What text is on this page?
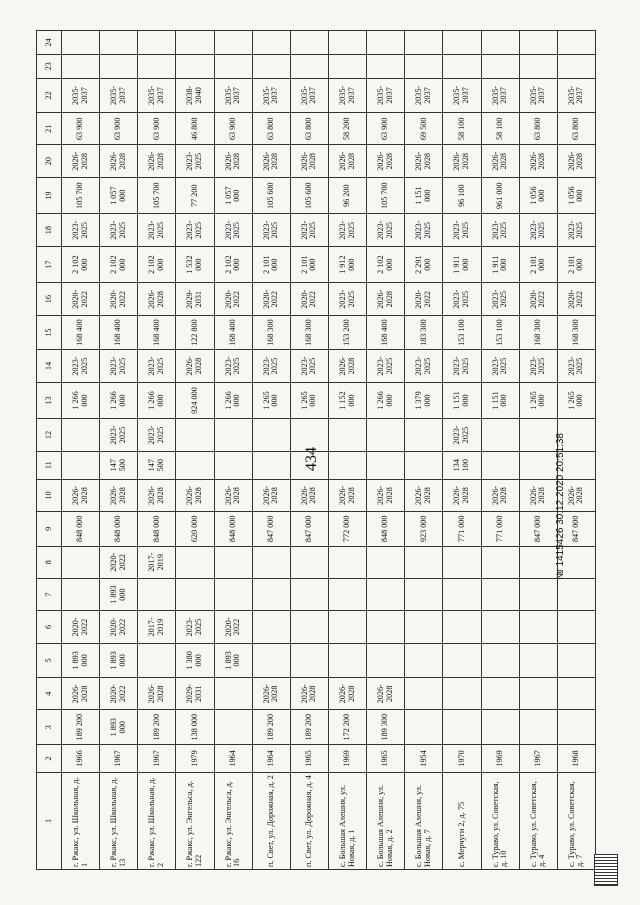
434
1	2	3	4	5	6	7	8	9	10	11	12	13	14	15	16	17	18	19	20	21	22	23	24
г. Ржакс, ул. Школьная, д. 1	1966	189 200	2026-2028	1 893 000	2020-2022			848 000	2026-2028			1 266 000	2023-2025	168 400	2020-2022	2 102 000	2023-2025	105 700	2026-2028	63 900	2035-2037		
г. Ржакс, ул. Школьная, д. 13	1967	1 893 000	2020-2022	1 893 000	2020-2022	1 893 000	2020-2022	848 000	2026-2028	147 500	2023-2025	1 266 000	2023-2025	168 400	2020-2022	2 102 000	2023-2025	1 057 000	2026-2028	63 900	2035-2037		
г. Ржакс, ул. Школьная, д. 2	1967	189 200	2026-2028		2017-2019		2017-2019	848 000	2026-2028	147 500	2023-2025	1 266 000	2023-2025	168 400	2026-2028	2 102 000	2023-2025	105 700	2026-2028	63 900	2035-2037		
г. Ржакс, ул. Энгельса, д. 122	1979	138 000	2029-2031	1 380 000	2023-2025			620 000	2026-2028			924 000	2026-2028	122 800	2029-2031	1 532 000	2023-2025	77 200	2023-2025	46 800	2038-2040		
г. Ржакс, ул. Энгельса, д. 16	1964			1 893 000	2020-2022			848 000	2026-2028			1 266 000	2023-2025	168 400	2020-2022	2 102 000	2023-2025	1 057 000	2026-2028	63 900	2035-2037		
п. Свет, ул. Дорожная, д. 2	1964	189 200	2026-2028					847 000	2026-2028			1 265 000	2023-2025	168 300	2020-2022	2 101 000	2023-2025	105 600	2026-2028	63 800	2035-2037		
п. Свет, ул. Дорожная, д. 4	1965	189 200	2026-2028					847 000	2026-2028			1 265 000	2023-2025	168 300	2020-2022	2 101 000	2023-2025	105 600	2026-2028	63 800	2035-2037		
с. Большая Алешня, ул. Новая, д. 1	1969	172 200	2026-2028					772 000	2026-2028			1 152 000	2026-2028	153 200	2023-2025	1 912 000	2023-2025	96 200	2026-2028	58 200	2035-2037		
с. Большая Алешня, ул. Новая, д. 2	1965	189 300	2026-2028					848 000	2026-2028			1 266 000	2023-2025	168 400	2026-2028	2 102 000	2023-2025	105 700	2026-2028	63 900	2035-2037		
с. Большая Алешня, ул. Новая, д. 7	1954							923 000	2026-2028			1 379 000	2023-2025	183 300	2020-2022	2 291 000	2023-2025	1 151 000	2026-2028	69 500	2035-2037		
с. Мерчуги 2, д. 75	1970							771 000	2026-2028	134 100	2023-2025	1 151 000	2023-2025	153 100	2023-2025	1 911 000	2023-2025	96 100	2026-2028	58 100	2035-2037		
с. Тураво, ул. Советская, д. 10	1969							771 000	2026-2028			1 151 000	2023-2025	153 100	2023-2025	1 911 000	2023-2025	961 000	2026-2028	58 100	2035-2037		
с. Тураво, ул. Советская, д. 4	1967							847 000	2026-2028			1 265 000	2023-2025	168 300	2020-2022	2 101 000	2023-2025	1 056 000	2026-2028	63 800	2035-2037		
с. Тураво, ул. Советская, д. 7	1968							847 000	2026-2028			1 265 000	2023-2025	168 300	2020-2022	2 101 000	2023-2025	1 056 000	2026-2028	63 800	2035-2037		
№ 1415426 30.12.2020 20:51:38
